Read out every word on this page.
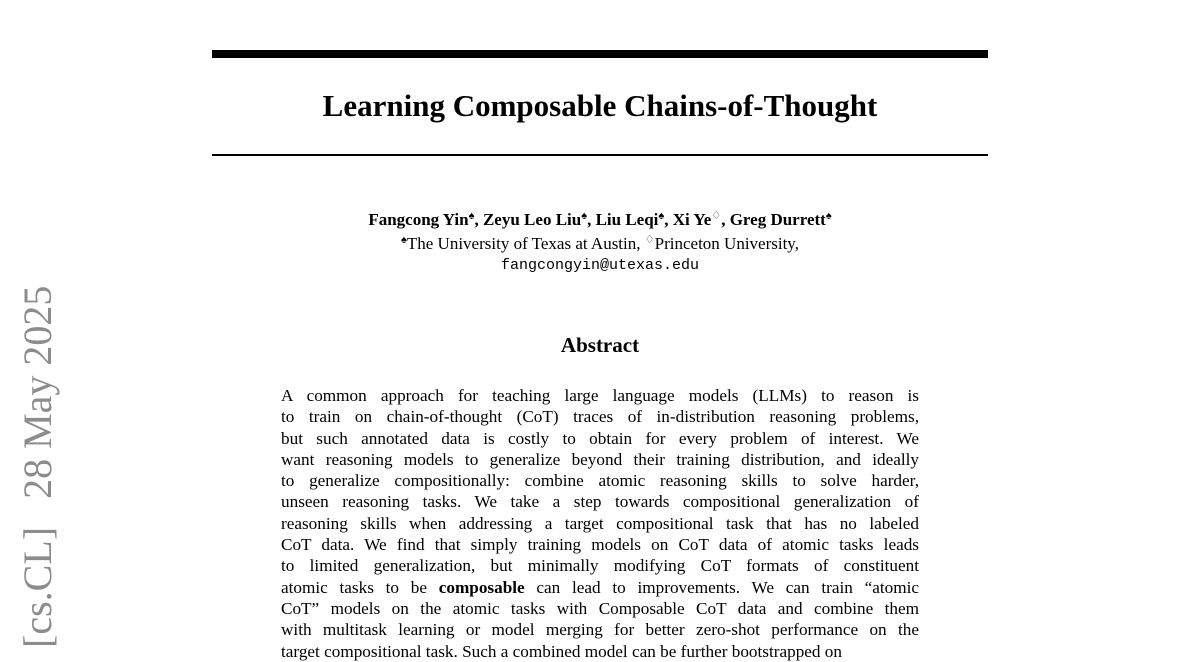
Learning Composable Chains-of-Thought
Fangcong Yin♠, Zeyu Leo Liu♠, Liu Leqi♠, Xi Ye♢, Greg Durrett♠
♠The University of Texas at Austin, ♢Princeton University,
fangcongyin@utexas.edu
Abstract
A common approach for teaching large language models (LLMs) to reason is
to train on chain-of-thought (CoT) traces of in-distribution reasoning problems,
but such annotated data is costly to obtain for every problem of interest. We
want reasoning models to generalize beyond their training distribution, and ideally
to generalize compositionally: combine atomic reasoning skills to solve harder,
unseen reasoning tasks. We take a step towards compositional generalization of
reasoning skills when addressing a target compositional task that has no labeled
CoT data. We find that simply training models on CoT data of atomic tasks leads
to limited generalization, but minimally modifying CoT formats of constituent
atomic tasks to be composable can lead to improvements. We can train “atomic
CoT” models on the atomic tasks with Composable CoT data and combine them
with multitask learning or model merging for better zero-shot performance on the
target compositional task. Such a combined model can be further bootstrapped on
[cs.CL]28 May 2025
